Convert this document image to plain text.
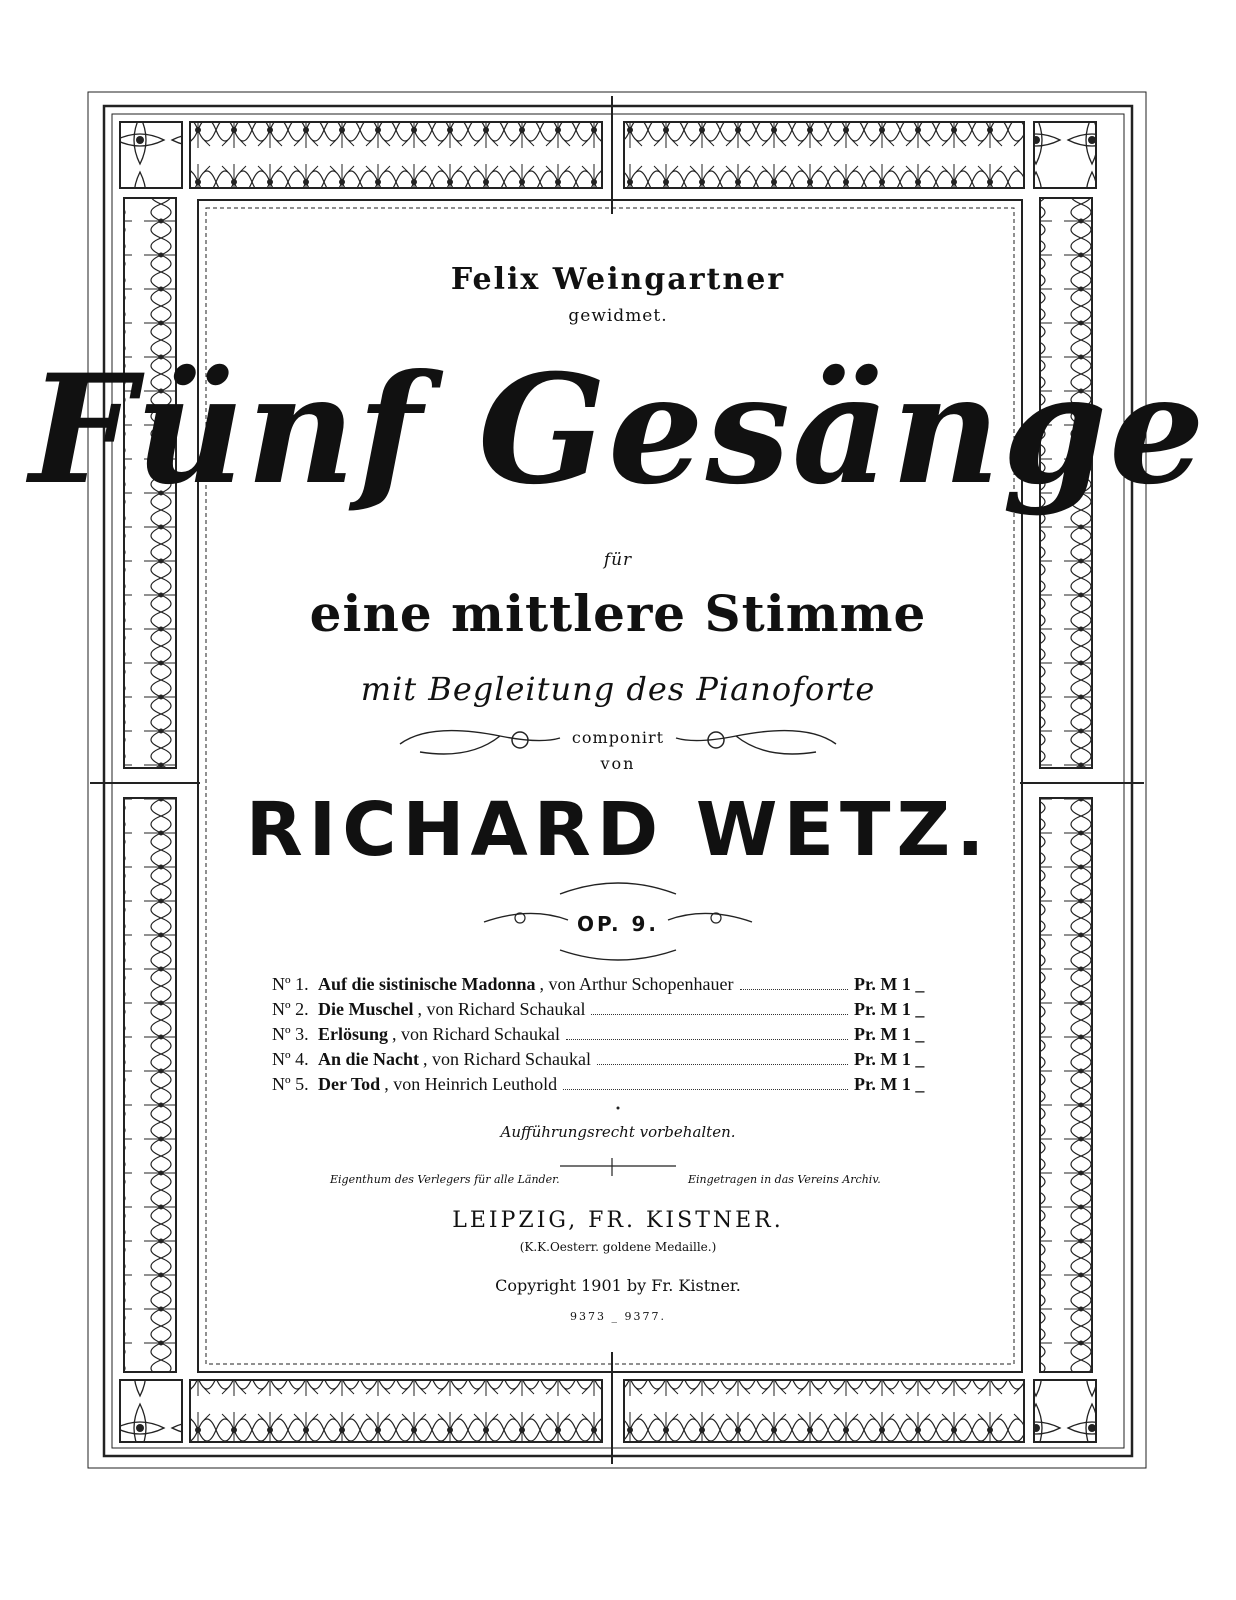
Felix Weingartner
gewidmet.
Fünf Gesänge
für
eine mittlere Stimme
mit Begleitung des Pianoforte
componirt
von
RICHARD WETZ.
OP. 9.
Nº 1. Auf die sistinische Madonna , von Arthur Schopenhauer	Pr. M 1 _
Nº 2. Die Muschel , von Richard Schaukal	Pr. M 1 _
Nº 3. Erlösung , von Richard Schaukal	Pr. M 1 _
Nº 4. An die Nacht , von Richard Schaukal	Pr. M 1 _
Nº 5. Der Tod , von Heinrich Leuthold	Pr. M 1 _
Aufführungsrecht vorbehalten.
Eigenthum des Verlegers für alle Länder.	Eingetragen in das Vereins Archiv.
LEIPZIG, FR. KISTNER.
(K.K.Oesterr. goldene Medaille.)
Copyright 1901 by Fr. Kistner.
9373 _ 9377.
